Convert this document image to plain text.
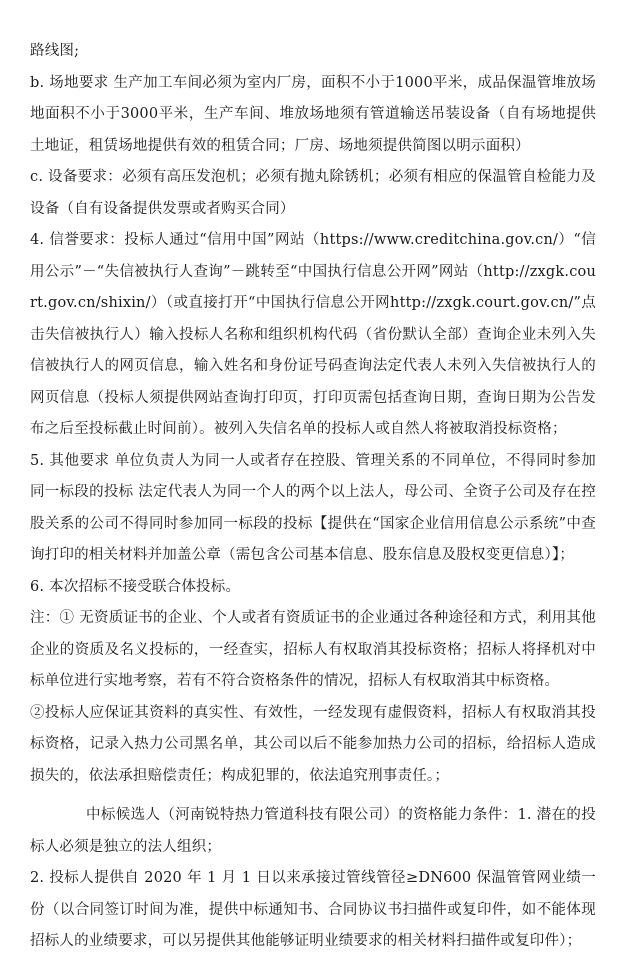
路线图;

b. 场地要求 生产加工车间必须为室内厂房，面积不小于1000平米，成品保温管堆放场地面积不小于3000平米，生产车间、堆放场地须有管道输送吊装设备（自有场地提供土地证，租赁场地提供有效的租赁合同；厂房、场地须提供简图以明示面积）

c. 设备要求：必须有高压发泡机；必须有抛丸除锈机；必须有相应的保温管自检能力及设备（自有设备提供发票或者购买合同）

4. 信誉要求：投标人通过“信用中国”网站（https://www.creditchina.gov.cn/）“信用公示”－“失信被执行人查询”－跳转至“中国执行信息公开网”网站（http://zxgk.court.gov.cn/shixin/）（或直接打开“中国执行信息公开网http://zxgk.court.gov.cn/”点击失信被执行人）输入投标人名称和组织机构代码（省份默认全部）查询企业未列入失信被执行人的网页信息，输入姓名和身份证号码查询法定代表人未列入失信被执行人的网页信息（投标人须提供网站查询打印页，打印页需包括查询日期，查询日期为公告发布之后至投标截止时间前）。被列入失信名单的投标人或自然人将被取消投标资格；

5. 其他要求 单位负责人为同一人或者存在控股、管理关系的不同单位，不得同时参加同一标段的投标 法定代表人为同一个人的两个以上法人，母公司、全资子公司及存在控股关系的公司不得同时参加同一标段的投标【提供在“国家企业信用信息公示系统”中查询打印的相关材料并加盖公章（需包含公司基本信息、股东信息及股权变更信息）】；

6. 本次招标不接受联合体投标。

注：① 无资质证书的企业、个人或者有资质证书的企业通过各种途径和方式，利用其他企业的资质及名义投标的，一经查实，招标人有权取消其投标资格；招标人将择机对中标单位进行实地考察，若有不符合资格条件的情况，招标人有权取消其中标资格。

②投标人应保证其资料的真实性、有效性，一经发现有虚假资料，招标人有权取消其投标资格，记录入热力公司黑名单，其公司以后不能参加热力公司的招标，给招标人造成损失的，依法承担赔偿责任；构成犯罪的，依法追究刑事责任。；

中标候选人（河南锐特热力管道科技有限公司）的资格能力条件：1. 潜在的投标人必须是独立的法人组织；

2. 投标人提供自 2020 年 1 月 1 日以来承接过管线管径≥DN600 保温管管网业绩一份（以合同签订时间为准，提供中标通知书、合同协议书扫描件或复印件，如不能体现招标人的业绩要求，可以另提供其他能够证明业绩要求的相关材料扫描件或复印件）；
